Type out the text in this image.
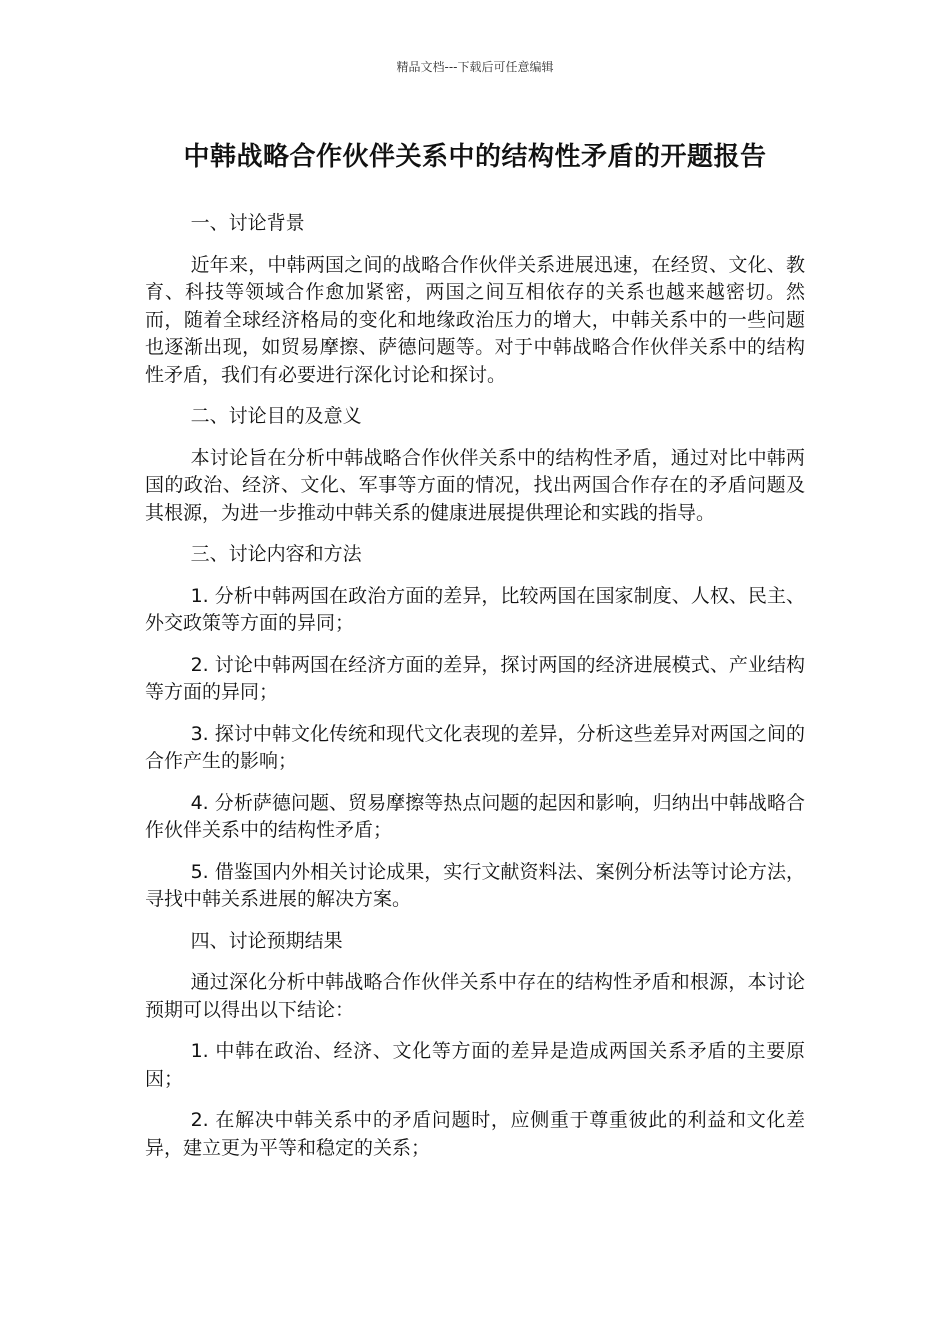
精品文档---下载后可任意编辑
中韩战略合作伙伴关系中的结构性矛盾的开题报告

一、讨论背景

近年来，中韩两国之间的战略合作伙伴关系进展迅速，在经贸、文化、教育、科技等领域合作愈加紧密，两国之间互相依存的关系也越来越密切。然而，随着全球经济格局的变化和地缘政治压力的增大，中韩关系中的一些问题也逐渐出现，如贸易摩擦、萨德问题等。对于中韩战略合作伙伴关系中的结构性矛盾，我们有必要进行深化讨论和探讨。

二、讨论目的及意义

本讨论旨在分析中韩战略合作伙伴关系中的结构性矛盾，通过对比中韩两国的政治、经济、文化、军事等方面的情况，找出两国合作存在的矛盾问题及其根源，为进一步推动中韩关系的健康进展提供理论和实践的指导。

三、讨论内容和方法

1. 分析中韩两国在政治方面的差异，比较两国在国家制度、人权、民主、外交政策等方面的异同；

2. 讨论中韩两国在经济方面的差异，探讨两国的经济进展模式、产业结构等方面的异同；

3. 探讨中韩文化传统和现代文化表现的差异，分析这些差异对两国之间的合作产生的影响；

4. 分析萨德问题、贸易摩擦等热点问题的起因和影响，归纳出中韩战略合作伙伴关系中的结构性矛盾；

5. 借鉴国内外相关讨论成果，实行文献资料法、案例分析法等讨论方法，寻找中韩关系进展的解决方案。

四、讨论预期结果

通过深化分析中韩战略合作伙伴关系中存在的结构性矛盾和根源，本讨论预期可以得出以下结论：

1. 中韩在政治、经济、文化等方面的差异是造成两国关系矛盾的主要原因；

2. 在解决中韩关系中的矛盾问题时，应侧重于尊重彼此的利益和文化差异，建立更为平等和稳定的关系；
